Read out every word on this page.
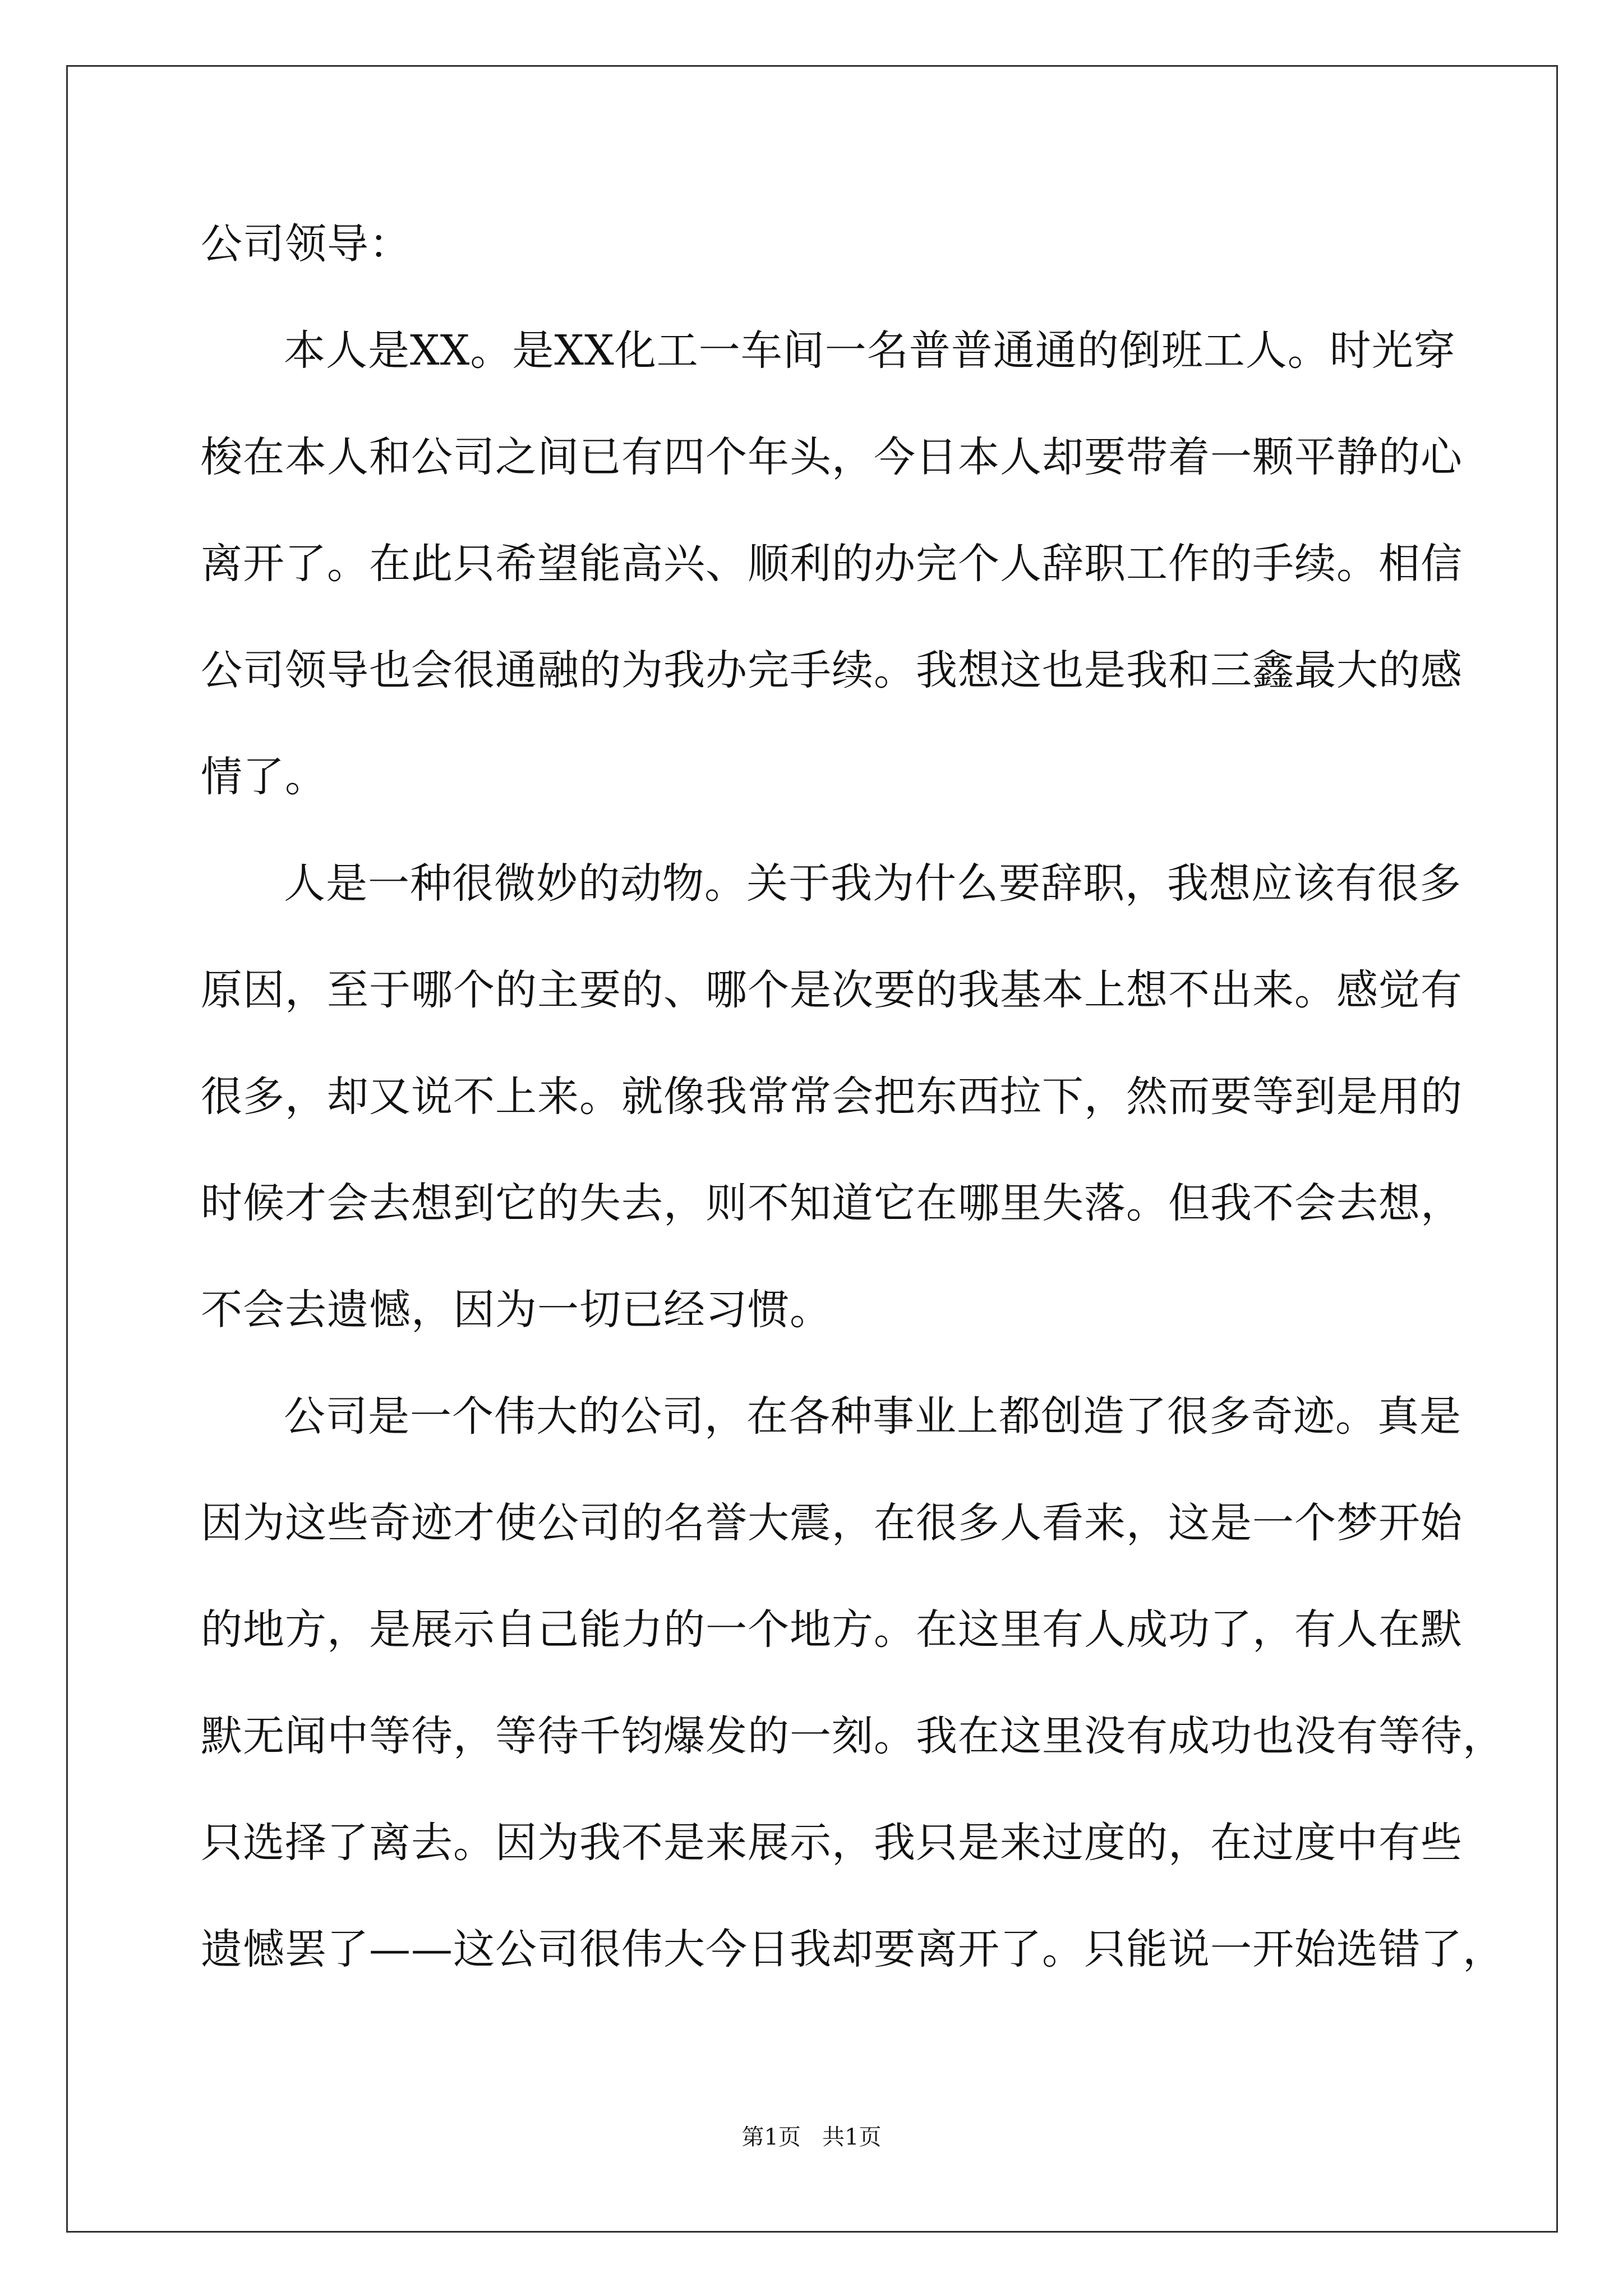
公司领导：
本人是XX。是XX化工一车间一名普普通通的倒班工人。时光穿
梭在本人和公司之间已有四个年头，今日本人却要带着一颗平静的心
离开了。在此只希望能高兴、顺利的办完个人辞职工作的手续。相信
公司领导也会很通融的为我办完手续。我想这也是我和三鑫最大的感
情了。
人是一种很微妙的动物。关于我为什么要辞职，我想应该有很多
原因，至于哪个的主要的、哪个是次要的我基本上想不出来。感觉有
很多，却又说不上来。就像我常常会把东西拉下，然而要等到是用的
时候才会去想到它的失去，则不知道它在哪里失落。但我不会去想，
不会去遗憾，因为一切已经习惯。
公司是一个伟大的公司，在各种事业上都创造了很多奇迹。真是
因为这些奇迹才使公司的名誉大震，在很多人看来，这是一个梦开始
的地方，是展示自己能力的一个地方。在这里有人成功了，有人在默
默无闻中等待，等待千钧爆发的一刻。我在这里没有成功也没有等待，
只选择了离去。因为我不是来展示，我只是来过度的，在过度中有些
遗憾罢了——这公司很伟大今日我却要离开了。只能说一开始选错了，
第1页   共1页
